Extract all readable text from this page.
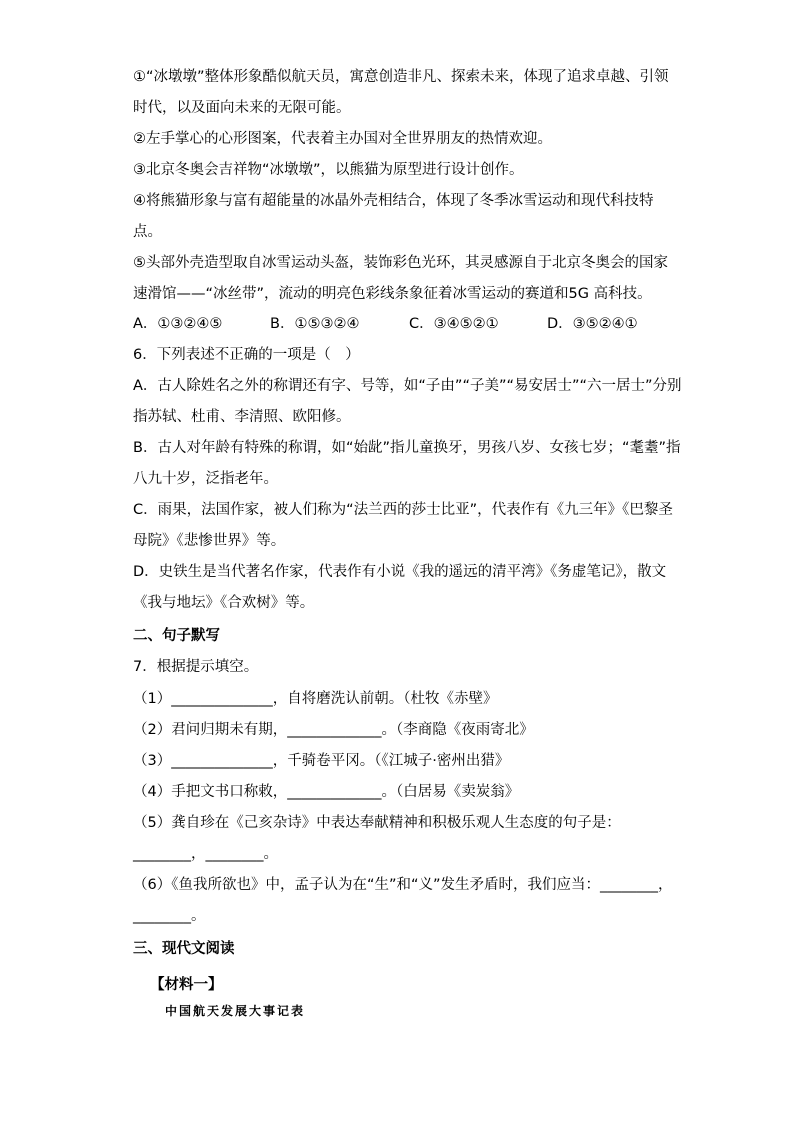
①“冰墩墩”整体形象酷似航天员，寓意创造非凡、探索未来，体现了追求卓越、引领
时代，以及面向未来的无限可能。
②左手掌心的心形图案，代表着主办国对全世界朋友的热情欢迎。
③北京冬奥会吉祥物“冰墩墩”，以熊猫为原型进行设计创作。
④将熊猫形象与富有超能量的冰晶外壳相结合，体现了冬季冰雪运动和现代科技特
点。
⑤头部外壳造型取自冰雪运动头盔，装饰彩色光环，其灵感源自于北京冬奥会的国家
速滑馆——“冰丝带”，流动的明亮色彩线条象征着冰雪运动的赛道和5G 高科技。
A．①③②④⑤	B．①⑤③②④	C．③④⑤②①	D．③⑤②④①
6．下列表述不正确的一项是（　）
A．古人除姓名之外的称谓还有字、号等，如“子由”“子美”“易安居士”“六一居士”分别
指苏轼、杜甫、李清照、欧阳修。
B．古人对年龄有特殊的称谓，如“始龀”指儿童换牙，男孩八岁、女孩七岁；“耄耋”指
八九十岁，泛指老年。
C．雨果，法国作家，被人们称为“法兰西的莎士比亚”，代表作有《九三年》《巴黎圣
母院》《悲惨世界》等。
D．史铁生是当代著名作家，代表作有小说《我的遥远的清平湾》《务虚笔记》，散文
《我与地坛》《合欢树》等。
二、句子默写
7．根据提示填空。
（1）______________，自将磨洗认前朝。（杜牧《赤壁》
（2）君问归期未有期，_____________。（李商隐《夜雨寄北》
（3）______________，千骑卷平冈。（《江城子·密州出猎》
（4）手把文书口称敕，_____________。（白居易《卖炭翁》
（5）龚自珍在《己亥杂诗》中表达奉献精神和积极乐观人生态度的句子是：
________，________。
（6）《鱼我所欲也》中，孟子认为在“生”和“义”发生矛盾时，我们应当：________，
________。
三、现代文阅读
【材料一】
中国航天发展大事记表
